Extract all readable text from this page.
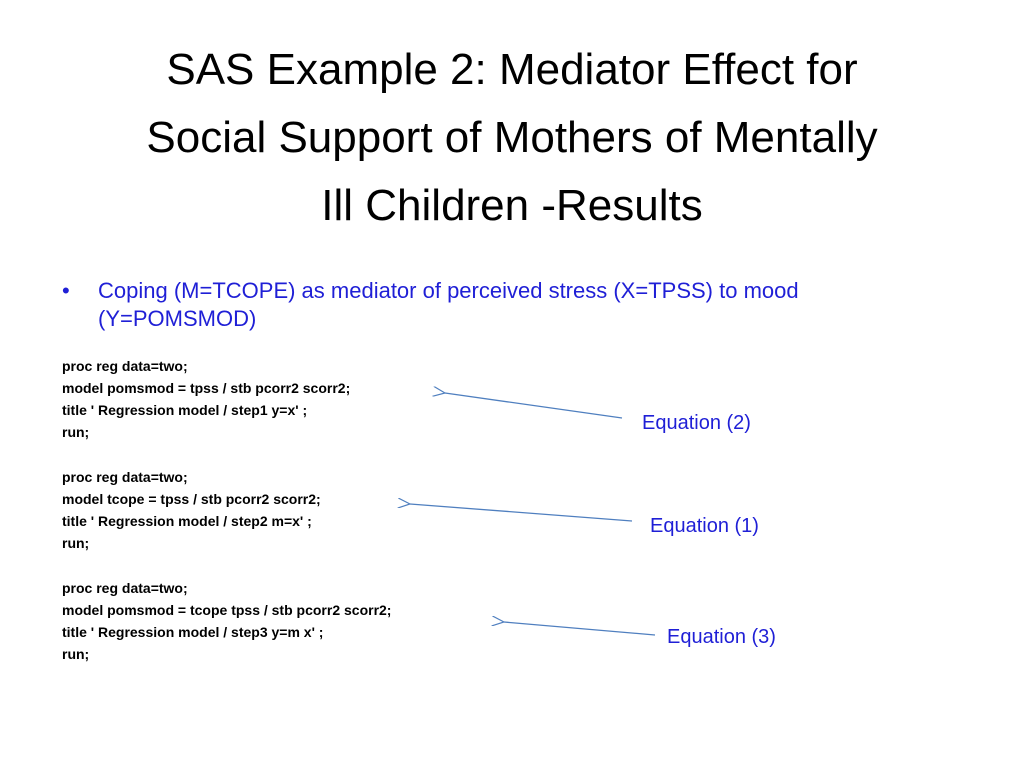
SAS Example 2: Mediator Effect for
Social Support of Mothers of Mentally
Ill Children -Results
• Coping (M=TCOPE) as mediator of perceived stress (X=TPSS) to mood (Y=POMSMOD)
proc reg data=two;
model pomsmod = tpss / stb pcorr2 scorr2;
title ' Regression model / step1 y=x' ;
run;
proc reg data=two;
model tcope = tpss / stb pcorr2 scorr2;
title ' Regression model / step2 m=x' ;
run;
proc reg data=two;
model pomsmod = tcope tpss / stb pcorr2 scorr2;
title ' Regression model / step3 y=m x' ;
run;
Equation (2)
Equation (1)
Equation (3)
